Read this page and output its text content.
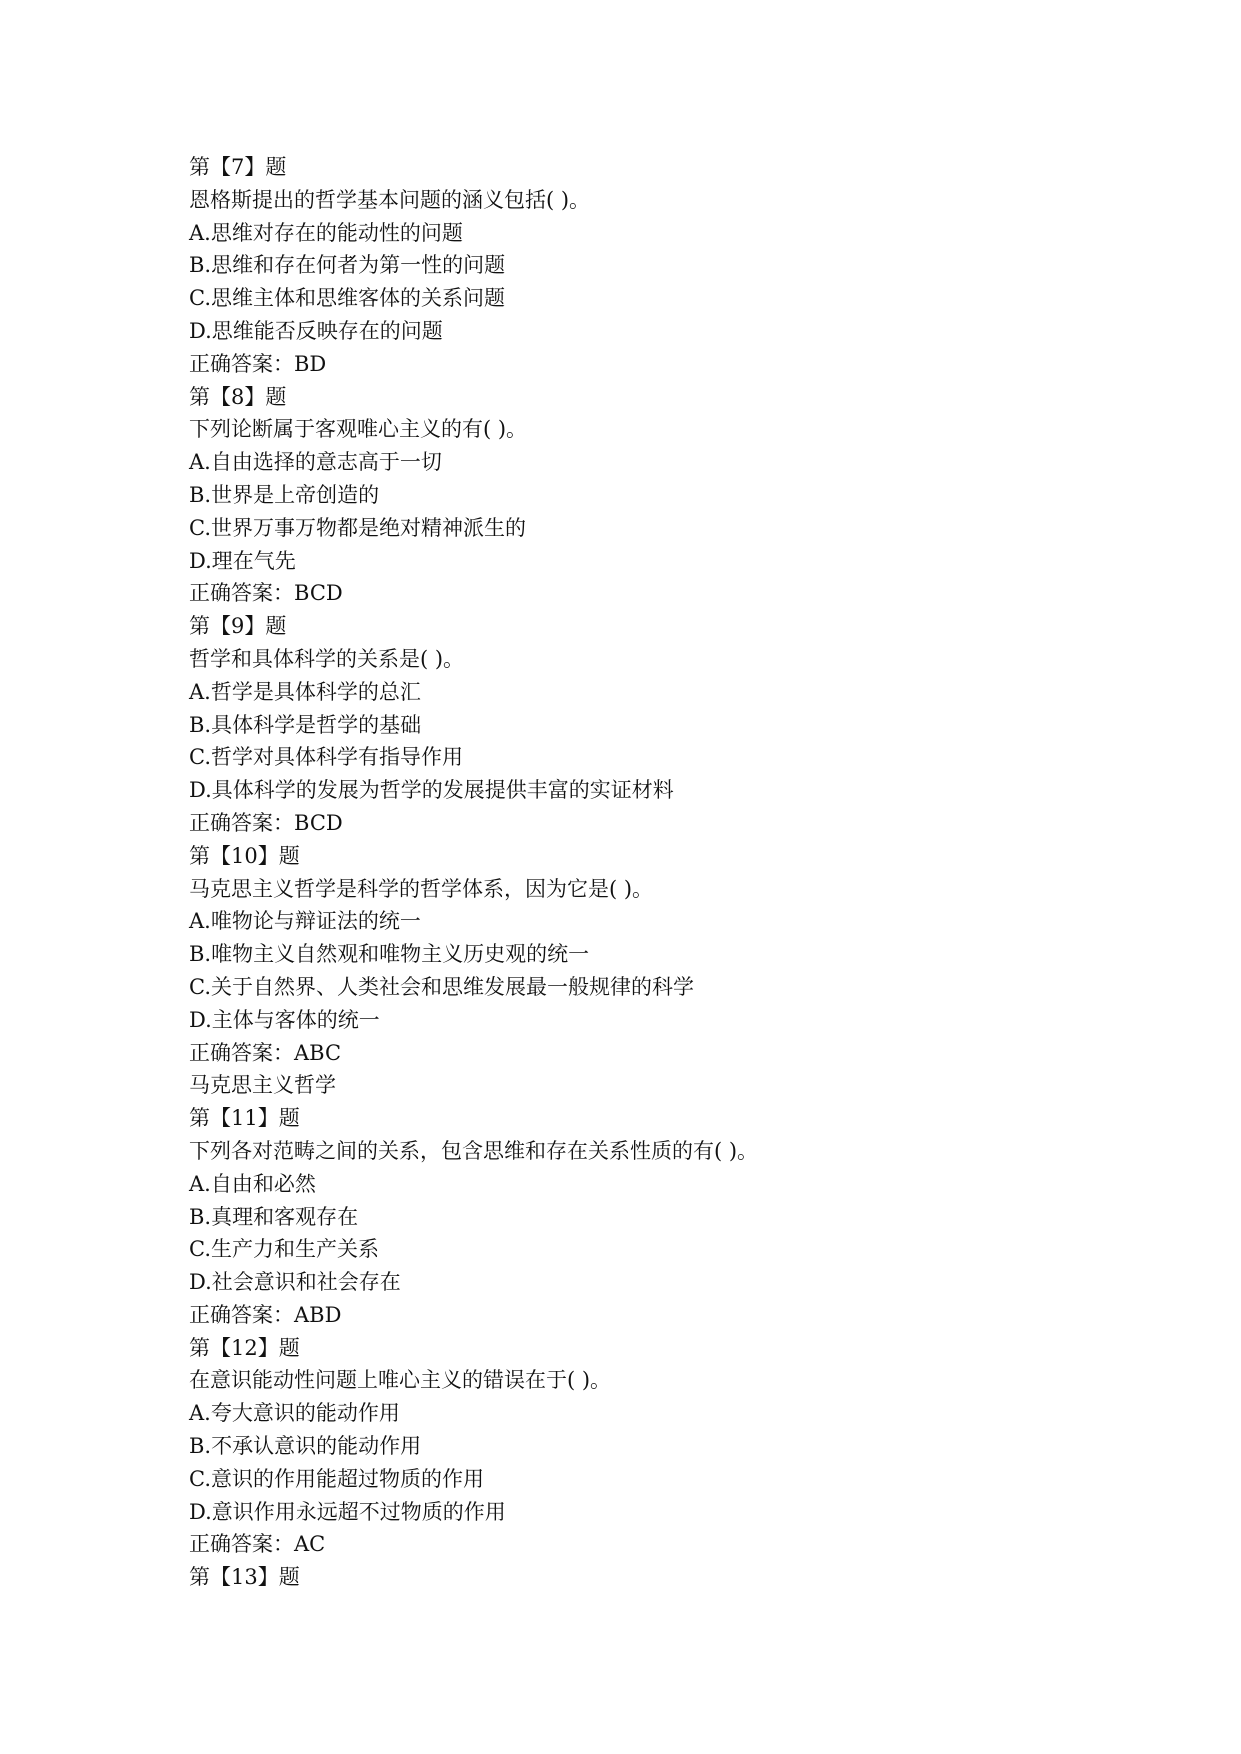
第【7】题
恩格斯提出的哲学基本问题的涵义包括( )。
A.思维对存在的能动性的问题
B.思维和存在何者为第一性的问题
C.思维主体和思维客体的关系问题
D.思维能否反映存在的问题
正确答案：BD
第【8】题
下列论断属于客观唯心主义的有( )。
A.自由选择的意志高于一切
B.世界是上帝创造的
C.世界万事万物都是绝对精神派生的
D.理在气先
正确答案：BCD
第【9】题
哲学和具体科学的关系是( )。
A.哲学是具体科学的总汇
B.具体科学是哲学的基础
C.哲学对具体科学有指导作用
D.具体科学的发展为哲学的发展提供丰富的实证材料
正确答案：BCD
第【10】题
马克思主义哲学是科学的哲学体系，因为它是( )。
A.唯物论与辩证法的统一
B.唯物主义自然观和唯物主义历史观的统一
C.关于自然界、人类社会和思维发展最一般规律的科学
D.主体与客体的统一
正确答案：ABC
马克思主义哲学
第【11】题
下列各对范畴之间的关系，包含思维和存在关系性质的有( )。
A.自由和必然
B.真理和客观存在
C.生产力和生产关系
D.社会意识和社会存在
正确答案：ABD
第【12】题
在意识能动性问题上唯心主义的错误在于( )。
A.夸大意识的能动作用
B.不承认意识的能动作用
C.意识的作用能超过物质的作用
D.意识作用永远超不过物质的作用
正确答案：AC
第【13】题
